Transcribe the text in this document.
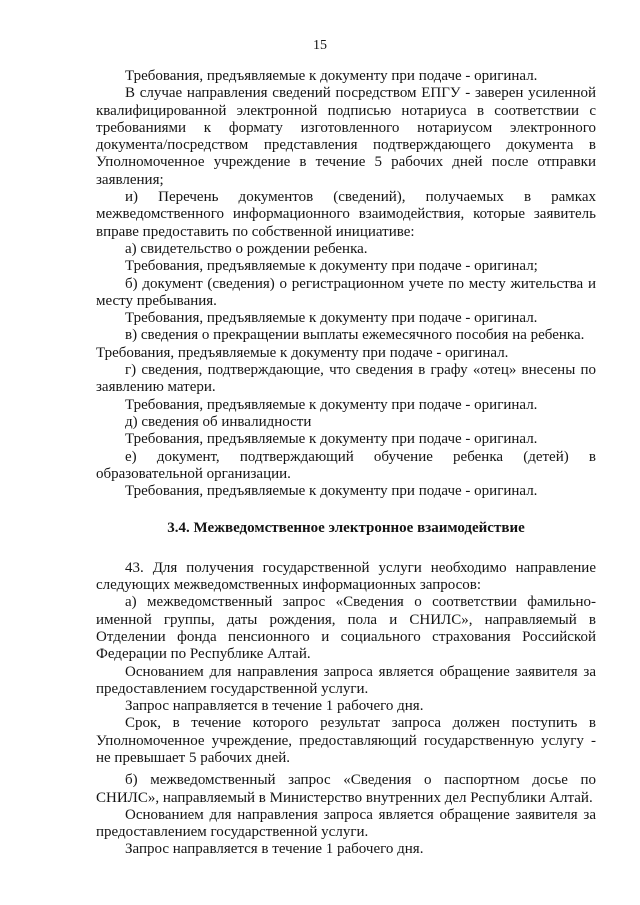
15

Требования, предъявляемые к документу при подаче - оригинал.

В случае направления сведений посредством ЕПГУ - заверен усиленной квалифицированной электронной подписью нотариуса в соответствии с требованиями к формату изготовленного нотариусом электронного документа/посредством представления подтверждающего документа в Уполномоченное учреждение в течение 5 рабочих дней после отправки заявления;

и) Перечень документов (сведений), получаемых в рамках межведомственного информационного взаимодействия, которые заявитель вправе предоставить по собственной инициативе:

а) свидетельство о рождении ребенка.

Требования, предъявляемые к документу при подаче - оригинал;

б) документ (сведения) о регистрационном учете по месту жительства и месту пребывания.

Требования, предъявляемые к документу при подаче - оригинал.

в) сведения о прекращении выплаты ежемесячного пособия на ребенка.

Требования, предъявляемые к документу при подаче - оригинал.

г) сведения, подтверждающие, что сведения в графу «отец» внесены по заявлению матери.

Требования, предъявляемые к документу при подаче - оригинал.

д) сведения об инвалидности

Требования, предъявляемые к документу при подаче - оригинал.

е) документ, подтверждающий обучение ребенка (детей) в образовательной организации.

Требования, предъявляемые к документу при подаче - оригинал.

3.4. Межведомственное электронное взаимодействие

43. Для получения государственной услуги необходимо направление следующих межведомственных информационных запросов:

а) межведомственный запрос «Сведения о соответствии фамильно-именной группы, даты рождения, пола и СНИЛС», направляемый в Отделении фонда пенсионного и социального страхования Российской Федерации по Республике Алтай.

Основанием для направления запроса является обращение заявителя за предоставлением государственной услуги.

Запрос направляется в течение 1 рабочего дня.

Срок, в течение которого результат запроса должен поступить в Уполномоченное учреждение, предоставляющий государственную услугу - не превышает 5 рабочих дней.

б) межведомственный запрос «Сведения о паспортном досье по СНИЛС», направляемый в Министерство внутренних дел Республики Алтай.

Основанием для направления запроса является обращение заявителя за предоставлением государственной услуги.

Запрос направляется в течение 1 рабочего дня.
